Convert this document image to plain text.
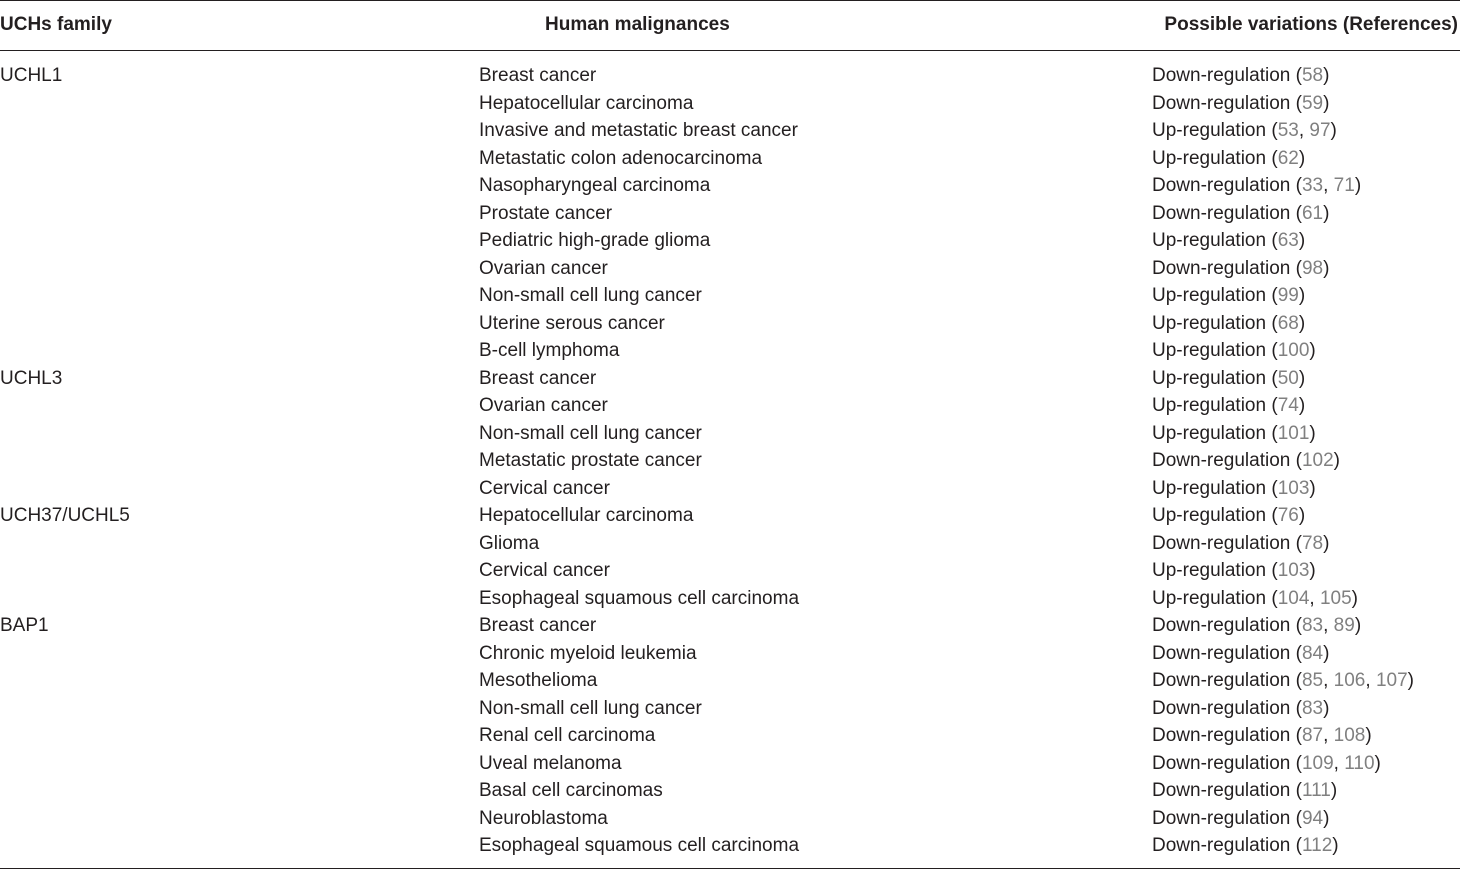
UCHs family	Human malignances	Possible variations (References)
UCHL1	Breast cancer	Down-regulation (58)
Hepatocellular carcinoma	Down-regulation (59)
Invasive and metastatic breast cancer	Up-regulation (53, 97)
Metastatic colon adenocarcinoma	Up-regulation (62)
Nasopharyngeal carcinoma	Down-regulation (33, 71)
Prostate cancer	Down-regulation (61)
Pediatric high-grade glioma	Up-regulation (63)
Ovarian cancer	Down-regulation (98)
Non-small cell lung cancer	Up-regulation (99)
Uterine serous cancer	Up-regulation (68)
B-cell lymphoma	Up-regulation (100)
UCHL3	Breast cancer	Up-regulation (50)
Ovarian cancer	Up-regulation (74)
Non-small cell lung cancer	Up-regulation (101)
Metastatic prostate cancer	Down-regulation (102)
Cervical cancer	Up-regulation (103)
UCH37/UCHL5	Hepatocellular carcinoma	Up-regulation (76)
Glioma	Down-regulation (78)
Cervical cancer	Up-regulation (103)
Esophageal squamous cell carcinoma	Up-regulation (104, 105)
BAP1	Breast cancer	Down-regulation (83, 89)
Chronic myeloid leukemia	Down-regulation (84)
Mesothelioma	Down-regulation (85, 106, 107)
Non-small cell lung cancer	Down-regulation (83)
Renal cell carcinoma	Down-regulation (87, 108)
Uveal melanoma	Down-regulation (109, 110)
Basal cell carcinomas	Down-regulation (111)
Neuroblastoma	Down-regulation (94)
Esophageal squamous cell carcinoma	Down-regulation (112)
